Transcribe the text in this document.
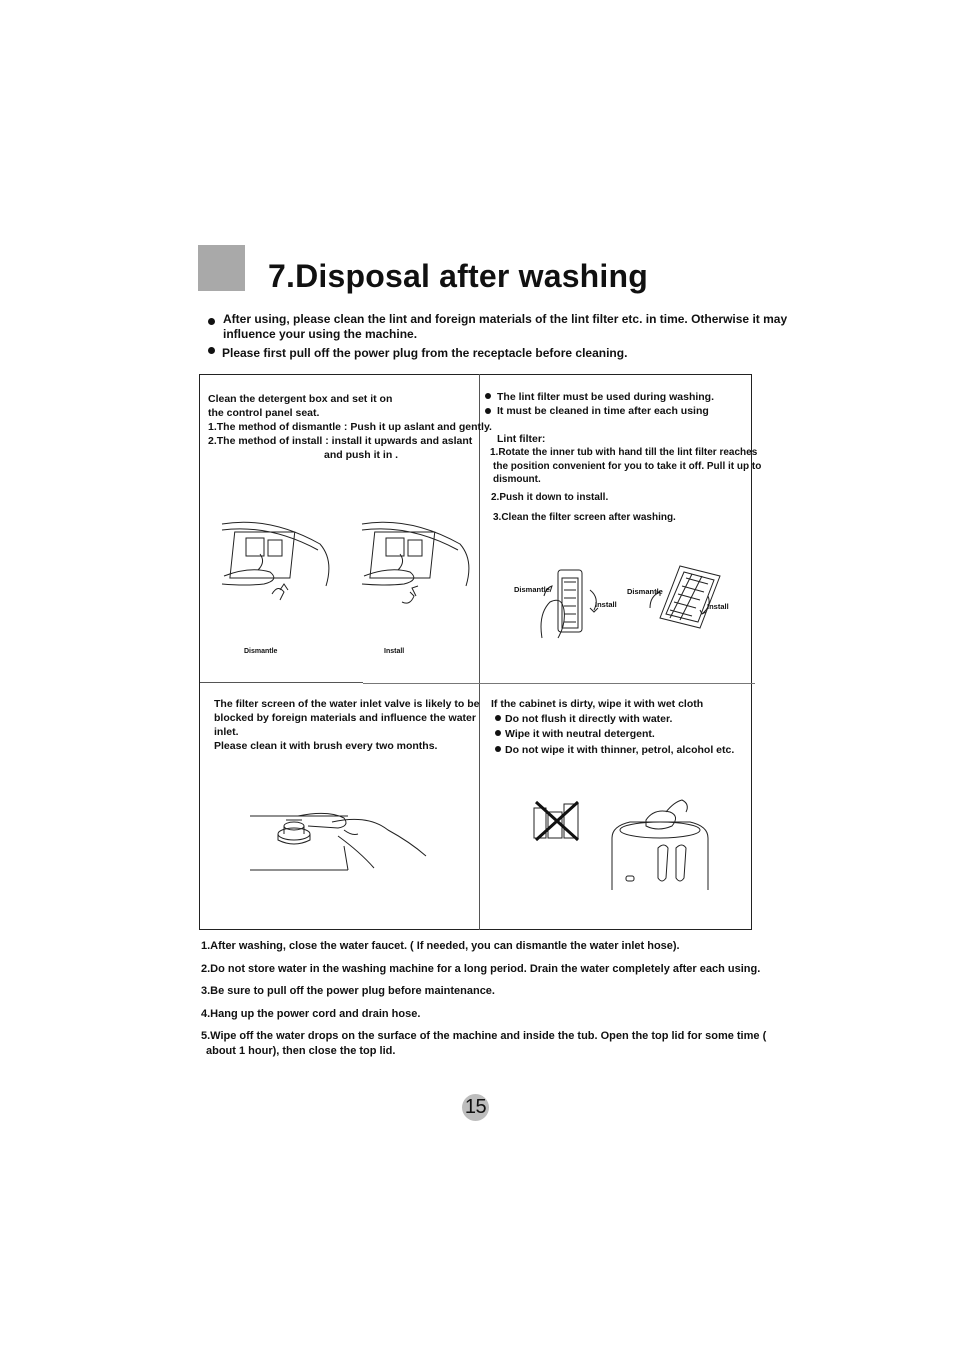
7.Disposal after washing
After using, please clean the lint and foreign materials of the lint filter etc. in time. Otherwise it may
influence your using the machine.
Please first pull off the power plug from the receptacle before cleaning.
Clean the detergent box and set it on
the control panel seat.
1.The method of dismantle : Push it up aslant and gently.
2.The method of install : install it upwards and aslant
and push it in .
Dismantle	Install
The lint filter must be used during washing.
It must be cleaned in time after each using
Lint filter:
1.Rotate the inner tub with hand till the lint filter reaches
the position convenient for you to take it off. Pull it up to
dismount.
2.Push it down to install.
3.Clean the filter screen after washing.
Dismantle
Install
Dismantle
Install
The filter screen of the water inlet valve is likely to be
blocked by foreign materials and influence the water
inlet.
Please clean it with brush every two months.
If the cabinet is dirty, wipe it with wet cloth
Do not flush it directly with water.
Wipe it with neutral detergent.
Do not wipe it with thinner, petrol, alcohol etc.
1.After washing, close the water faucet. ( If needed, you can dismantle the water inlet hose).
2.Do not store water in the washing machine for a long period. Drain the water completely after each using.
3.Be sure to pull off the power plug before maintenance.
4.Hang up the power cord and drain hose.
5.Wipe off the water drops on the surface of the machine and inside the tub. Open the top lid for some time (
about 1 hour), then close the top lid.
15
